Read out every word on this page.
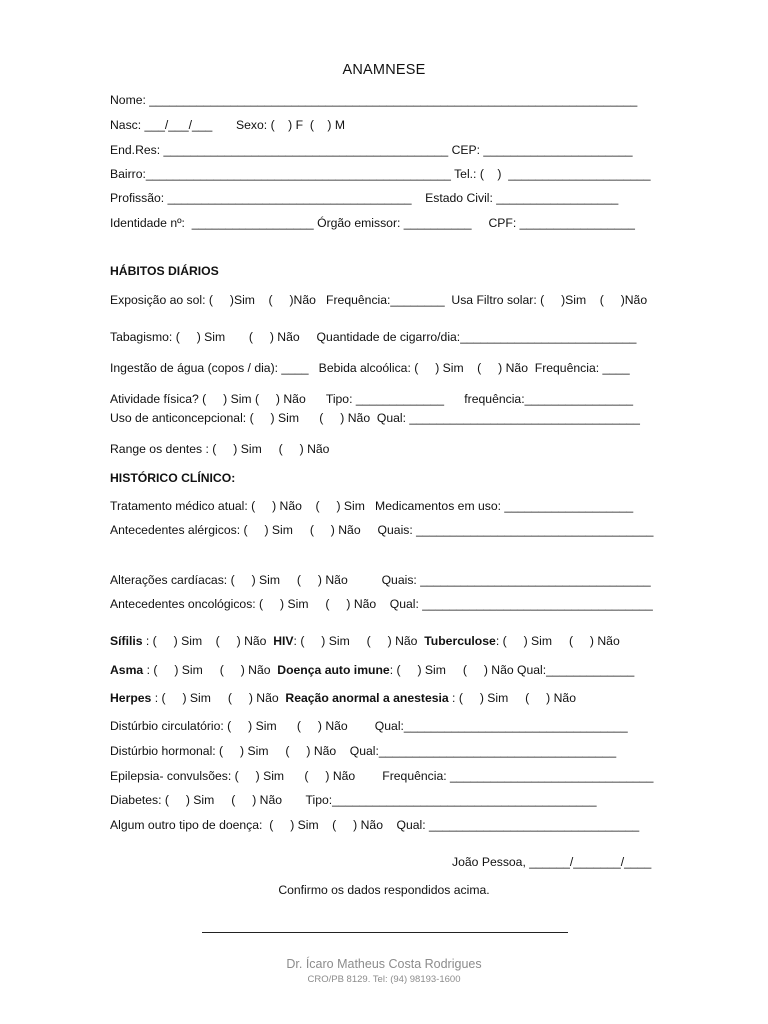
ANAMNESE
Nome: ________________________________________________________________________
Nasc: ___/___/___       Sexo: (    ) F  (    ) M
End.Res: __________________________________________ CEP: ______________________
Bairro:_____________________________________________ Tel.: (    )  _____________________
Profissão: ____________________________________    Estado Civil: __________________
Identidade nº:  __________________ Órgão emissor: __________     CPF: _________________
HÁBITOS DIÁRIOS
Exposição ao sol: (     )Sim    (     )Não   Frequência:________  Usa Filtro solar: (     )Sim    (     )Não
Tabagismo: (     ) Sim       (     ) Não     Quantidade de cigarro/dia:__________________________
Ingestão de água (copos / dia): ____   Bebida alcoólica: (     ) Sim    (     ) Não  Frequência: ____
Atividade física? (     ) Sim (     ) Não      Tipo: _____________      frequência:________________
Uso de anticoncepcional: (     ) Sim      (     ) Não  Qual: __________________________________
Range os dentes : (     ) Sim     (     ) Não
HISTÓRICO CLÍNICO:
Tratamento médico atual: (     ) Não    (     ) Sim   Medicamentos em uso: ___________________
Antecedentes alérgicos: (     ) Sim     (     ) Não     Quais: ___________________________________
Alterações cardíacas: (     ) Sim     (     ) Não          Quais: __________________________________
Antecedentes oncológicos: (     ) Sim     (     ) Não    Qual: __________________________________
Sífilis : (     ) Sim    (     ) Não  HIV: (     ) Sim     (     ) Não  Tuberculose: (     ) Sim     (     ) Não
Asma : (     ) Sim     (     ) Não  Doença auto imune: (     ) Sim     (     ) Não Qual:_____________
Herpes : (     ) Sim     (     ) Não  Reação anormal a anestesia : (     ) Sim     (     ) Não
Distúrbio circulatório: (     ) Sim      (     ) Não        Qual:_________________________________
Distúrbio hormonal: (     ) Sim     (     ) Não    Qual:___________________________________
Epilepsia- convulsões: (     ) Sim      (     ) Não        Frequência: ______________________________
Diabetes: (     ) Sim     (     ) Não       Tipo:_______________________________________
Algum outro tipo de doença:  (     ) Sim    (     ) Não    Qual: _______________________________
João Pessoa, ______/_______/____
Confirmo os dados respondidos acima.
Dr. Ícaro Matheus Costa Rodrigues
CRO/PB 8129. Tel: (94) 98193-1600
